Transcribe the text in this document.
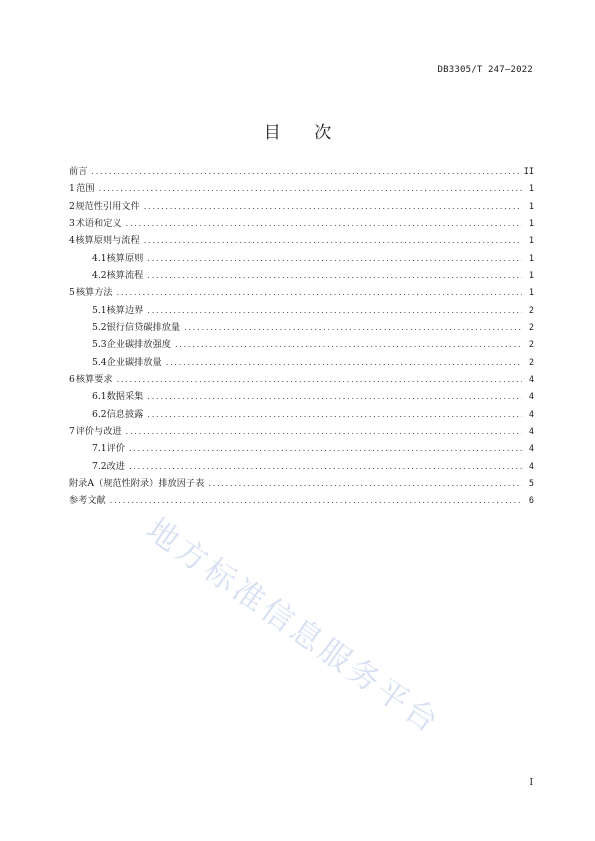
DB3305/T 247—2022
目 次
前言 .....	II
1 范围 .....	1
2 规范性引用文件 .....	1
3 术语和定义 .....	1
4 核算原则与流程 .....	1
4.1 核算原则 .....	1
4.2 核算流程 .....	1
5 核算方法 .....	1
5.1 核算边界 .....	2
5.2 银行信贷碳排放量 .....	2
5.3 企业碳排放强度 .....	2
5.4 企业碳排放量 .....	2
6 核算要求 .....	4
6.1 数据采集 .....	4
6.2 信息披露 .....	4
7 评价与改进 .....	4
7.1 评价 .....	4
7.2 改进 .....	4
附录A（规范性附录）排放因子表 .....	5
参考文献 .....	6
地方标准信息服务平台
I
